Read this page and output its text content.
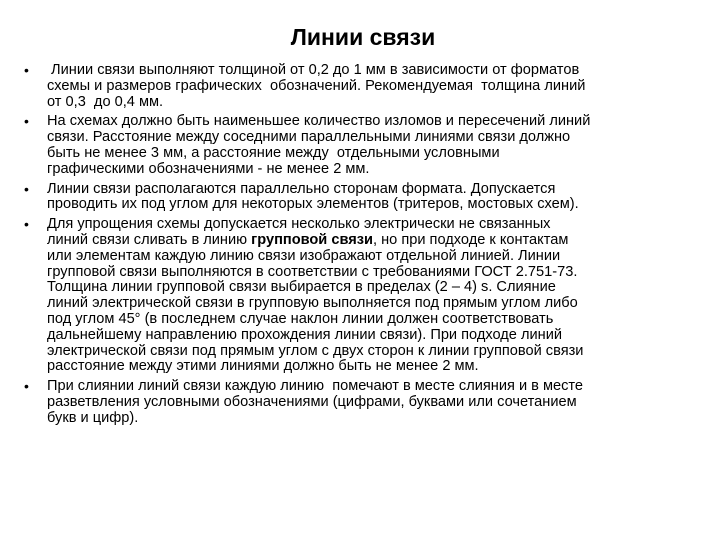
Линии связи
•	Линии связи выполняют толщиной от 0,2 до 1 мм в зависимости от форматов
схемы и размеров графических  обозначений. Рекомендуемая  толщина линий
от 0,3  до 0,4 мм.
•	На схемах должно быть наименьшее количество изломов и пересечений линий
связи. Расстояние между соседними параллельными линиями связи должно
быть не менее 3 мм, а расстояние между  отдельными условными
графическими обозначениями - не менее 2 мм.
•	Линии связи располагаются параллельно сторонам формата. Допускается
проводить их под углом для некоторых элементов (тритеров, мостовых схем).
•	Для упрощения схемы допускается несколько электрически не связанных
линий связи сливать в линию групповой связи, но при подходе к контактам
или элементам каждую линию связи изображают отдельной линией. Линии
групповой связи выполняются в соответствии с требованиями ГОСТ 2.751-73.
Толщина линии групповой связи выбирается в пределах (2 – 4) s. Слияние
линий электрической связи в групповую выполняется под прямым углом либо
под углом 45° (в последнем случае наклон линии должен соответствовать
дальнейшему направлению прохождения линии связи). При подходе линий
электрической связи под прямым углом с двух сторон к линии групповой связи
расстояние между этими линиями должно быть не менее 2 мм.
•	При слиянии линий связи каждую линию  помечают в месте слияния и в месте
разветвления условными обозначениями (цифрами, буквами или сочетанием
букв и цифр).
